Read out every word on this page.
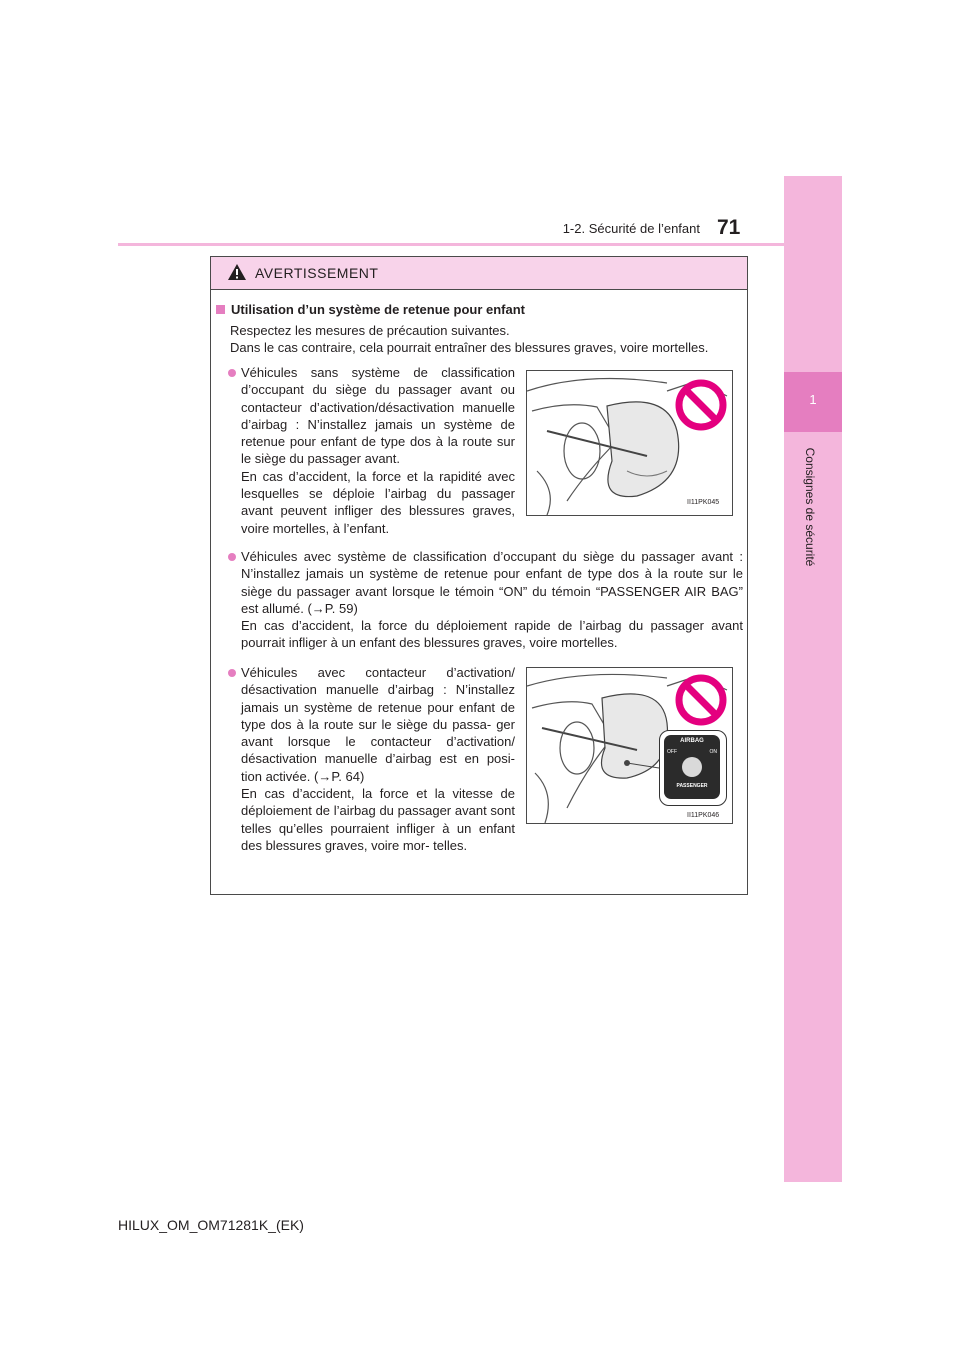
71
1-2. Sécurité de l’enfant
1
Consignes de sécurité
AVERTISSEMENT
Utilisation d’un système de retenue pour enfant
Respectez les mesures de précaution suivantes.
Dans le cas contraire, cela pourrait entraîner des blessures graves, voire mortelles.

Véhicules sans système de classification d’occupant du siège du passager avant ou contacteur d’activation/désactivation manuelle d’airbag : N’installez jamais un système de retenue pour enfant de type dos à la route sur le siège du passager avant.

En cas d’accident, la force et la rapidité avec lesquelles se déploie l’airbag du passager avant peuvent infliger des blessures graves, voire mortelles, à l’enfant.

II11PK045

Véhicules avec système de classification d’occupant du siège du passager avant : N’installez jamais un système de retenue pour enfant de type dos à la route sur le siège du passager avant lorsque le témoin “ON” du témoin “PASSENGER AIR BAG” est allumé. (→P. 59)

En cas d’accident, la force du déploiement rapide de l’airbag du passager avant pourrait infliger à un enfant des blessures graves, voire mortelles.

Véhicules avec contacteur d’activation/ désactivation manuelle d’airbag : N’installez jamais un système de retenue pour enfant de type dos à la route sur le siège du passa- ger avant lorsque le contacteur d’activation/ désactivation manuelle d’airbag est en posi- tion activée. (→P. 64)

En cas d’accident, la force et la vitesse de déploiement de l’airbag du passager avant sont telles qu’elles pourraient infliger à un enfant des blessures graves, voire mor- telles.

AIRBAG
OFF	ON
PASSENGER
II11PK046
HILUX_OM_OM71281K_(EK)
